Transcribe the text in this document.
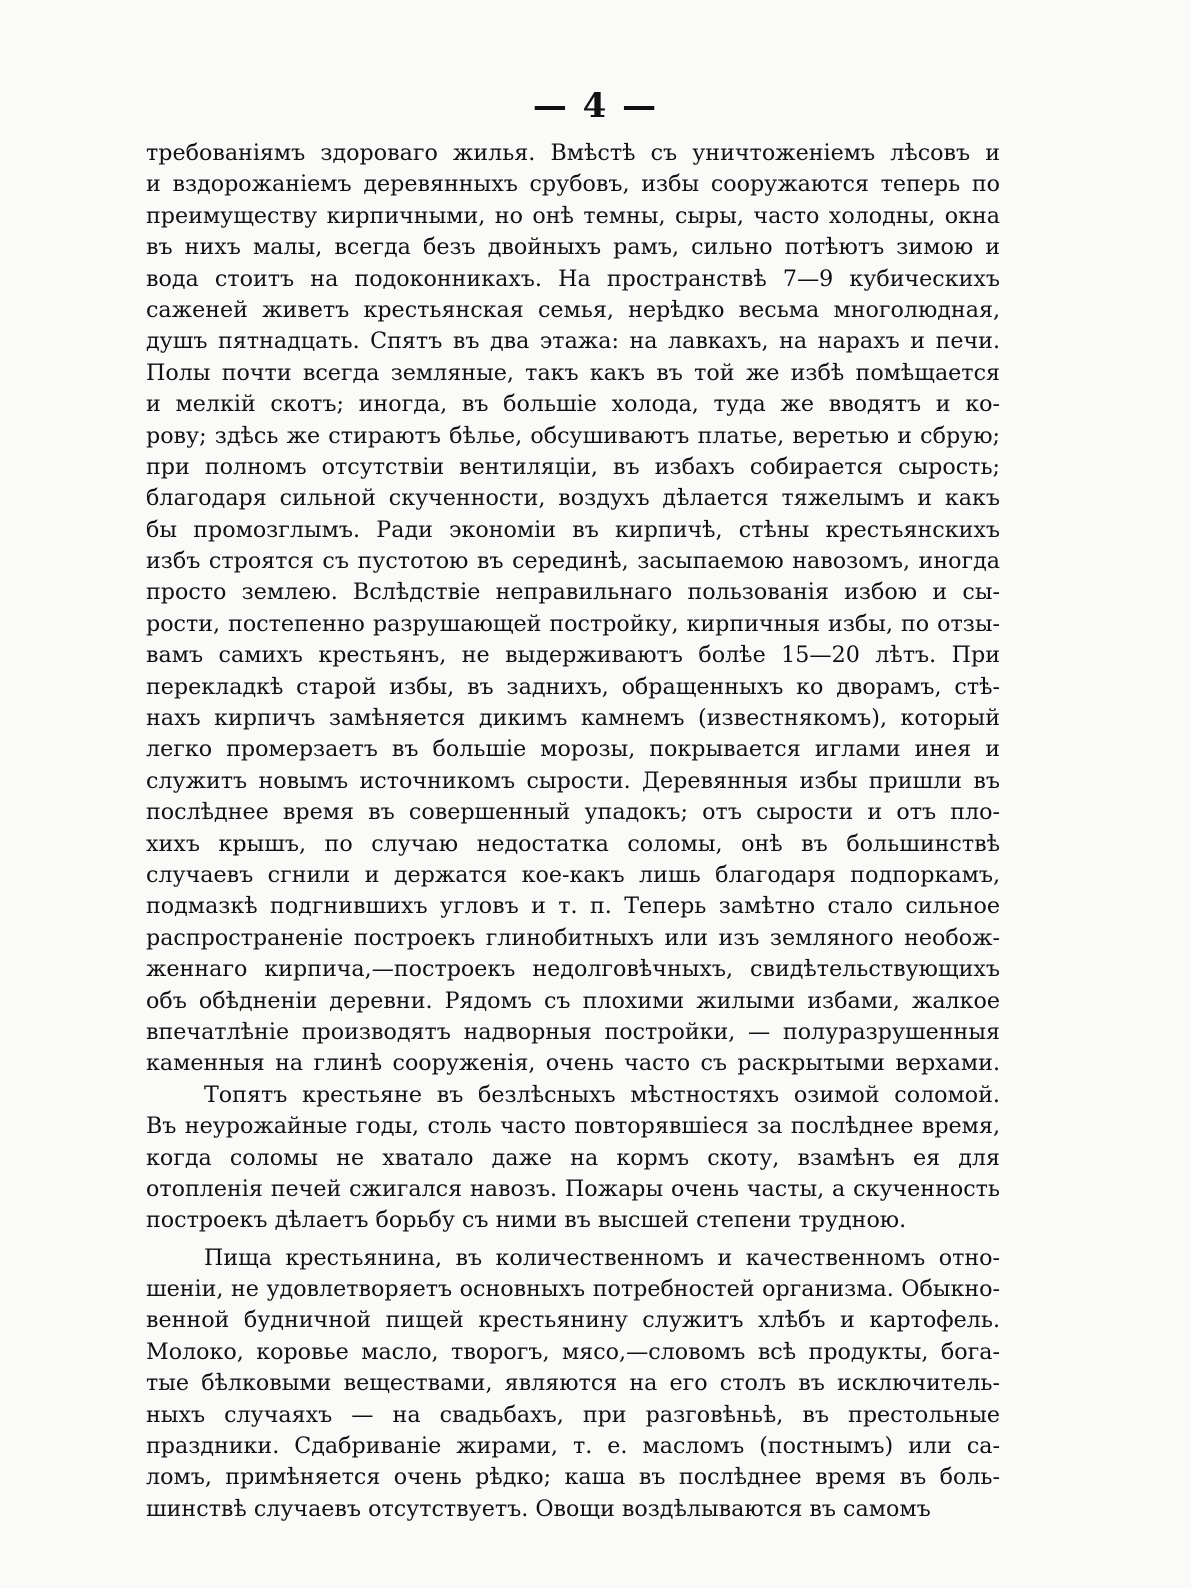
— 4 —
требованіямъ здороваго жилья. Вмѣстѣ съ уничтоженіемъ лѣсовъ и
и вздорожаніемъ деревянныхъ срубовъ, избы сооружаются теперь по
преимуществу кирпичными, но онѣ темны, сыры, часто холодны, окна
въ нихъ малы, всегда безъ двойныхъ рамъ, сильно потѣютъ зимою и
вода стоитъ на подоконникахъ. На пространствѣ 7—9 кубическихъ
саженей живетъ крестьянская семья, нерѣдко весьма многолюдная,
душъ пятнадцать. Спятъ въ два этажа: на лавкахъ, на нарахъ и печи.
Полы почти всегда земляные, такъ какъ въ той же избѣ помѣщается
и мелкій скотъ; иногда, въ большіе холода, туда же вводятъ и ко-
рову; здѣсь же стираютъ бѣлье, обсушиваютъ платье, веретью и сбрую;
при полномъ отсутствіи вентиляціи, въ избахъ собирается сырость;
благодаря сильной скученности, воздухъ дѣлается тяжелымъ и какъ
бы промозглымъ. Ради экономіи въ кирпичѣ, стѣны крестьянскихъ
избъ строятся съ пустотою въ серединѣ, засыпаемою навозомъ, иногда
просто землею. Вслѣдствіе неправильнаго пользованія избою и сы-
рости, постепенно разрушающей постройку, кирпичныя избы, по отзы-
вамъ самихъ крестьянъ, не выдерживаютъ болѣе 15—20 лѣтъ. При
перекладкѣ старой избы, въ заднихъ, обращенныхъ ко дворамъ, стѣ-
нахъ кирпичъ замѣняется дикимъ камнемъ (известнякомъ), который
легко промерзаетъ въ большіе морозы, покрывается иглами инея и
служитъ новымъ источникомъ сырости. Деревянныя избы пришли въ
послѣднее время въ совершенный упадокъ; отъ сырости и отъ пло-
хихъ крышъ, по случаю недостатка соломы, онѣ въ большинствѣ
случаевъ сгнили и держатся кое-какъ лишь благодаря подпоркамъ,
подмазкѣ подгнившихъ угловъ и т. п. Теперь замѣтно стало сильное
распространеніе построекъ глинобитныхъ или изъ земляного необож-
женнаго кирпича,—построекъ недолговѣчныхъ, свидѣтельствующихъ
объ обѣдненіи деревни. Рядомъ съ плохими жилыми избами, жалкое
впечатлѣніе производятъ надворныя постройки, — полуразрушенныя
каменныя на глинѣ сооруженія, очень часто съ раскрытыми верхами.
Топятъ крестьяне въ безлѣсныхъ мѣстностяхъ озимой соломой.
Въ неурожайные годы, столь часто повторявшіеся за послѣднее время,
когда соломы не хватало даже на кормъ скоту, взамѣнъ ея для
отопленія печей сжигался навозъ. Пожары очень часты, а скученность
построекъ дѣлаетъ борьбу съ ними въ высшей степени трудною.
Пища крестьянина, въ количественномъ и качественномъ отно-
шеніи, не удовлетворяетъ основныхъ потребностей организма. Обыкно-
венной будничной пищей крестьянину служитъ хлѣбъ и картофель.
Молоко, коровье масло, творогъ, мясо,—словомъ всѣ продукты, бога-
тые бѣлковыми веществами, являются на его столъ въ исключитель-
ныхъ случаяхъ — на свадьбахъ, при разговѣньѣ, въ престольные
праздники. Сдабриваніе жирами, т. е. масломъ (постнымъ) или са-
ломъ, примѣняется очень рѣдко; каша въ послѣднее время въ боль-
шинствѣ случаевъ отсутствуетъ. Овощи воздѣлываются въ самомъ
